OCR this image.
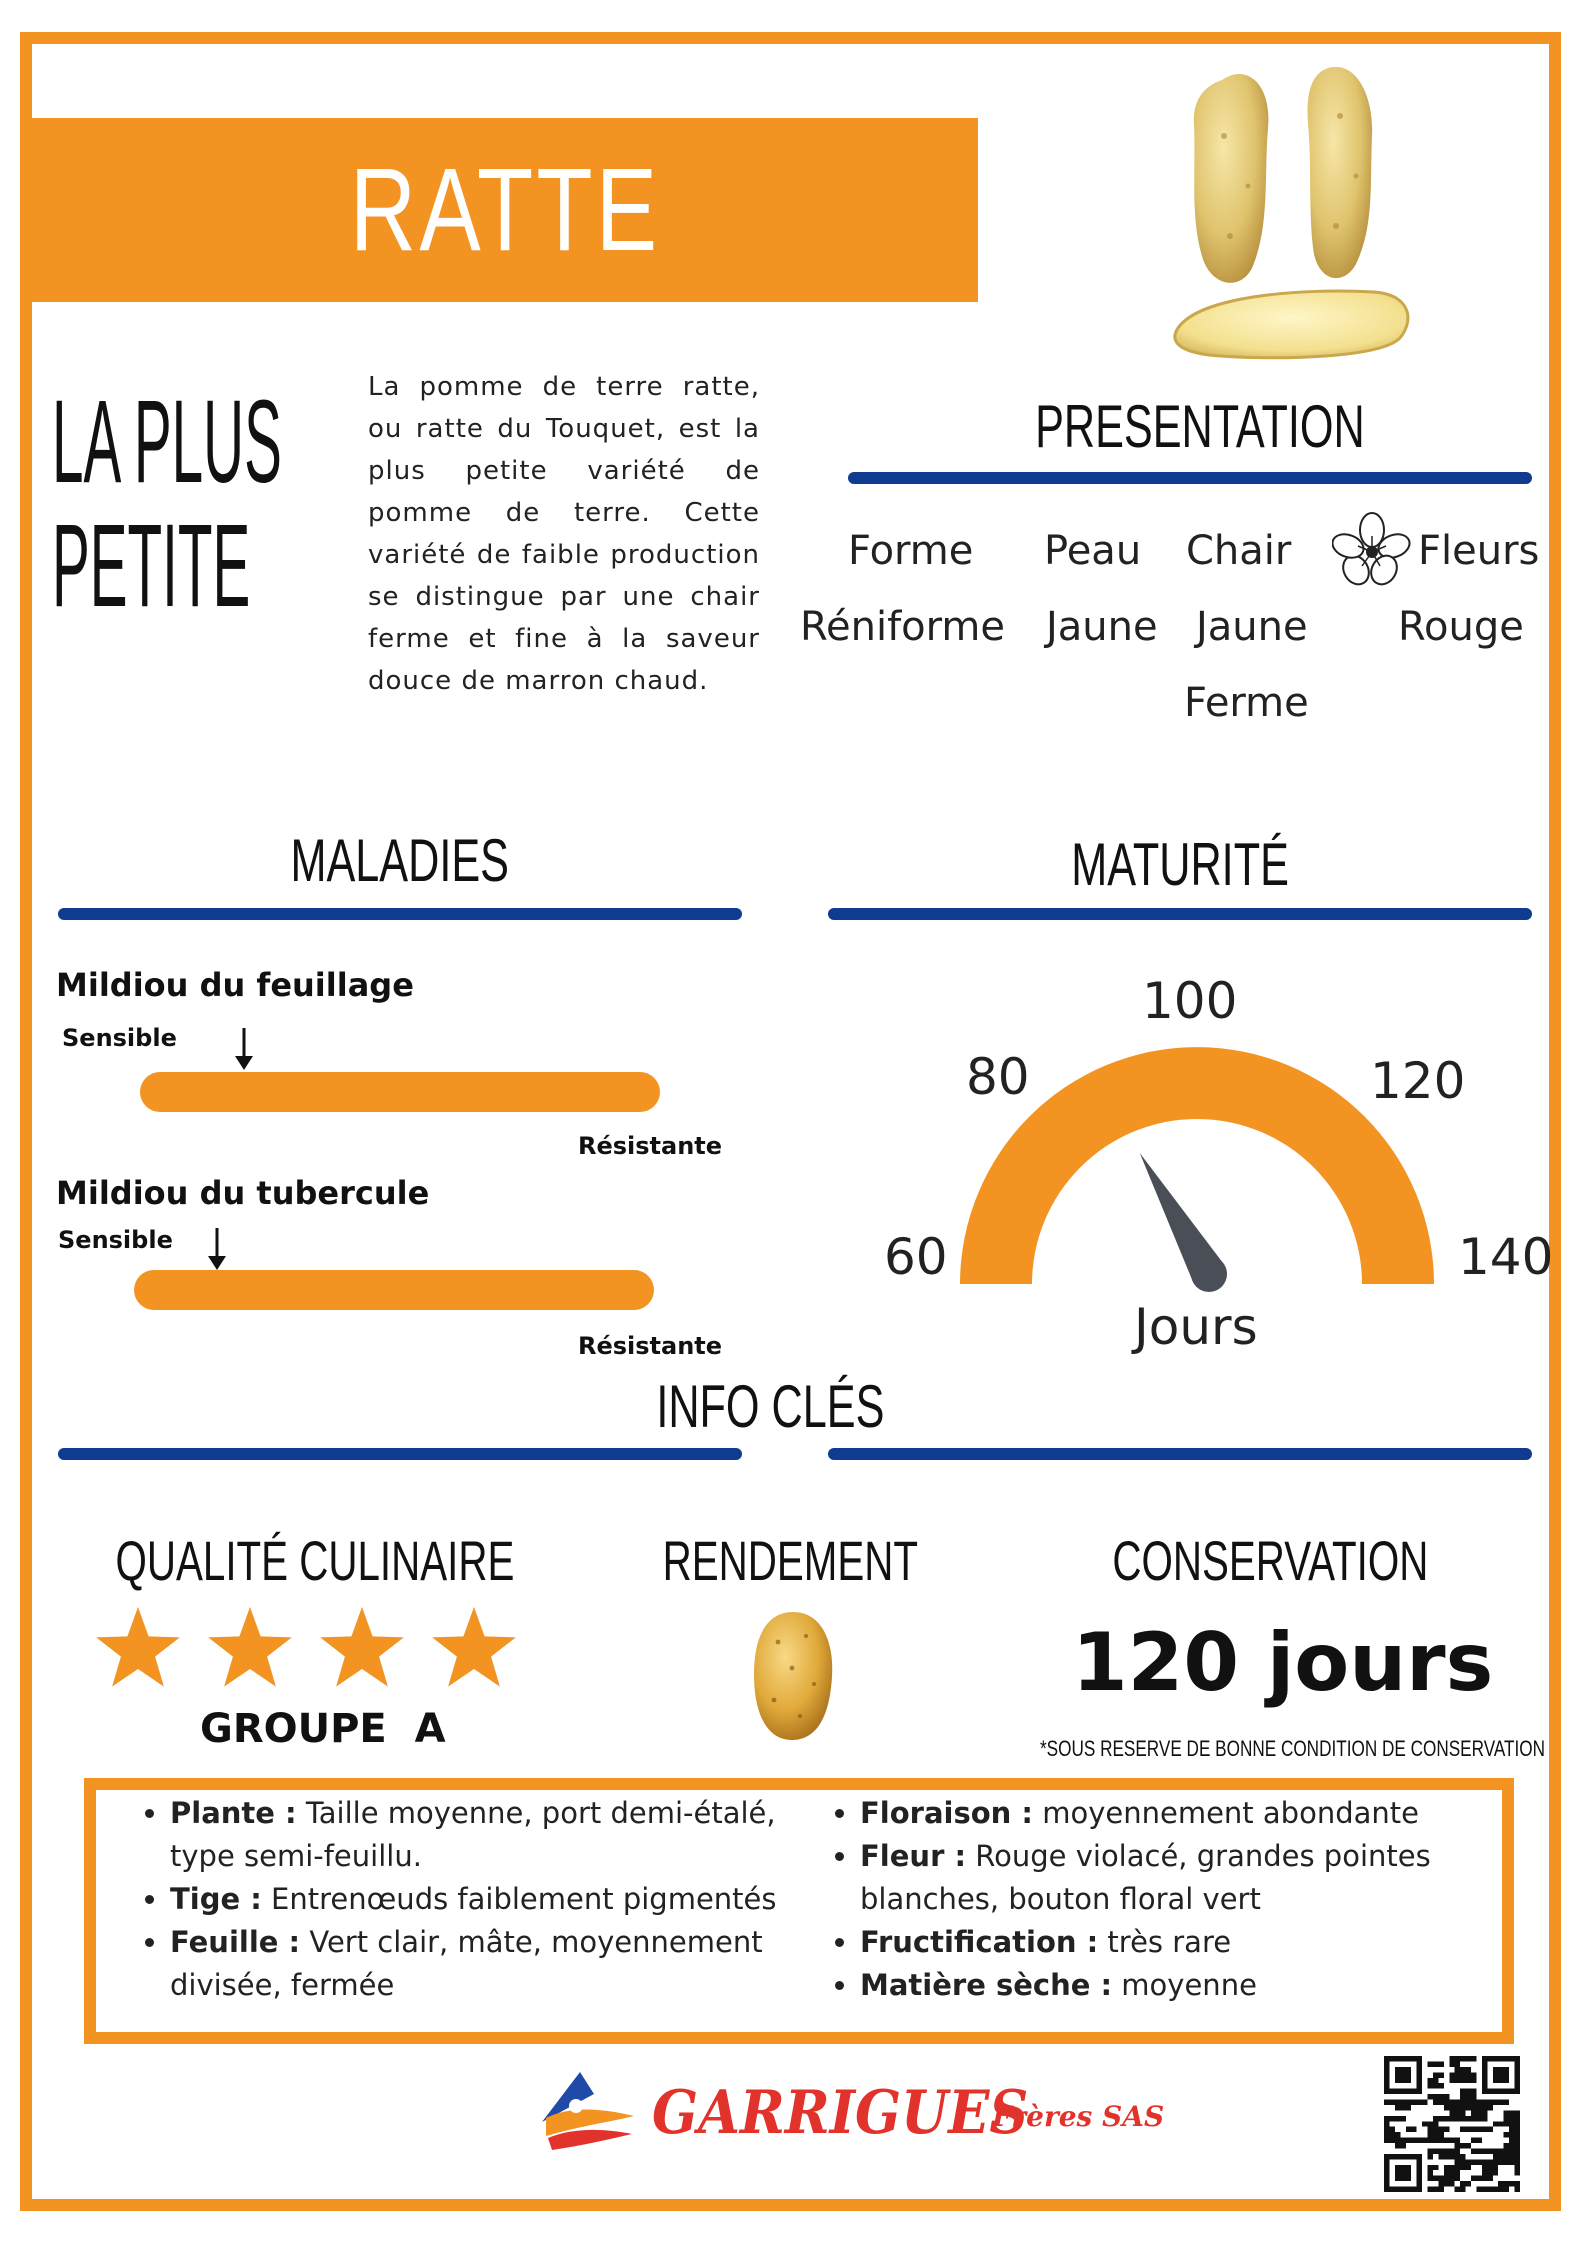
RATTE
LA PLUS
PETITE
La pomme de terre ratte, ou ratte du Touquet, est la plus petite variété de pomme de terre. Cette variété de faible production se distingue par une chair ferme et fine à la saveur douce de marron chaud.
PRESENTATION
Forme
Réniforme
Peau
Jaune
Chair
Jaune
Ferme
Fleurs
Rouge
MALADIES
Mildiou du feuillage
Sensible
Résistante
Mildiou du tubercule
Sensible
Résistante
MATURITÉ
60
80
100
120
140
Jours
INFO CLÉS
QUALITÉ CULINAIRE
GROUPE  A
RENDEMENT	CONSERVATION
120 jours
*SOUS RESERVE DE BONNE CONDITION DE CONSERVATION
• Plante : Taille moyenne, port demi-étalé, type semi-feuillu.
• Tige : Entrenœuds faiblement pigmentés
• Feuille : Vert clair, mâte, moyennement divisée, fermée
• Floraison : moyennement abondante
• Fleur : Rouge violacé, grandes pointes blanches, bouton floral vert
• Fructification : très rare
• Matière sèche : moyenne
GARRIGUES
Frères SAS
